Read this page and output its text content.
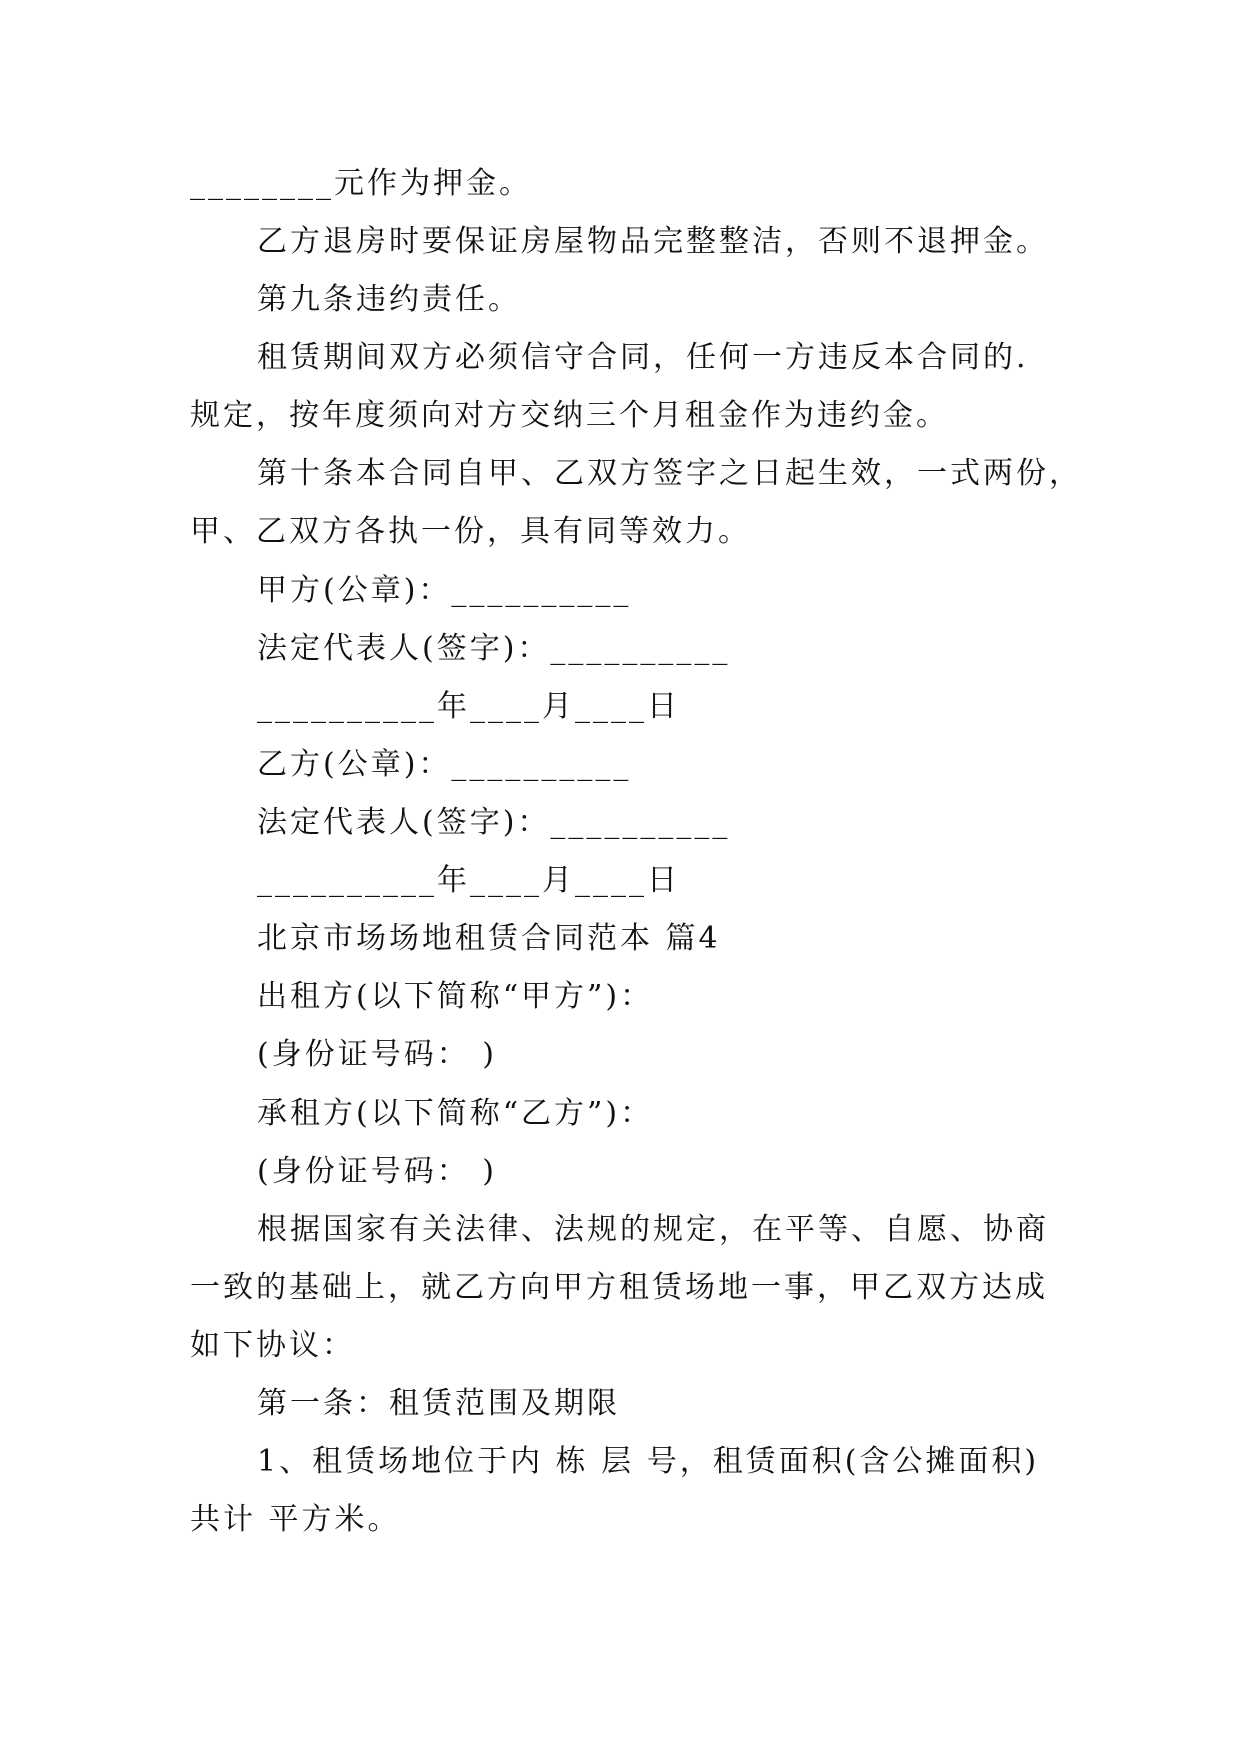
________元作为押金。
乙方退房时要保证房屋物品完整整洁，否则不退押金。
第九条违约责任。
租赁期间双方必须信守合同，任何一方违反本合同的.
规定，按年度须向对方交纳三个月租金作为违约金。
第十条本合同自甲、乙双方签字之日起生效，一式两份，
甲、乙双方各执一份，具有同等效力。
甲方(公章)：__________
法定代表人(签字)：__________
__________年____月____日
乙方(公章)：__________
法定代表人(签字)：__________
__________年____月____日
北京市场场地租赁合同范本 篇4
出租方(以下简称“甲方”)：
(身份证号码： )
承租方(以下简称“乙方”)：
(身份证号码： )
根据国家有关法律、法规的规定，在平等、自愿、协商
一致的基础上，就乙方向甲方租赁场地一事，甲乙双方达成
如下协议：
第一条：租赁范围及期限
1、租赁场地位于内 栋 层 号，租赁面积(含公摊面积)
共计 平方米。
